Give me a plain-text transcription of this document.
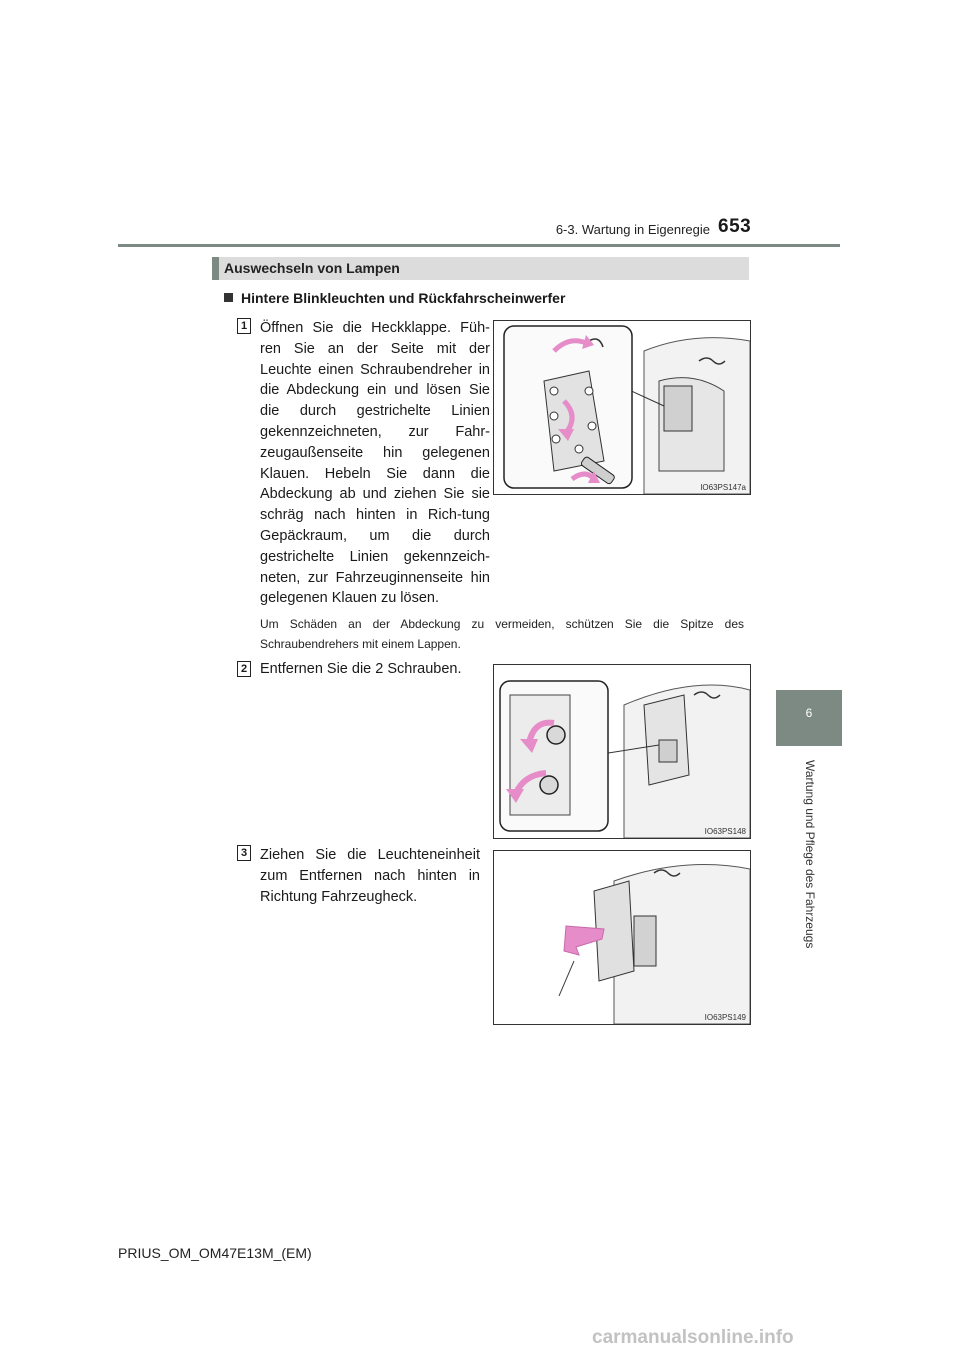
6-3. Wartung in Eigenregie 653
6
Wartung und Pflege des Fahrzeugs
Auswechseln von Lampen
Hintere Blinkleuchten und Rückfahrscheinwerfer
1 Öffnen Sie die Heckklappe. Füh-ren Sie an der Seite mit der Leuchte einen Schraubendreher in die Abdeckung ein und lösen Sie die durch gestrichelte Linien gekennzeichneten, zur Fahr-zeugaußenseite hin gelegenen Klauen. Hebeln Sie dann die Abdeckung ab und ziehen Sie sie schräg nach hinten in Rich-tung Gepäckraum, um die durch gestrichelte Linien gekennzeich-neten, zur Fahrzeuginnenseite hin gelegenen Klauen zu lösen.
Um Schäden an der Abdeckung zu vermeiden, schützen Sie die Spitze des Schraubendrehers mit einem Lappen.
IO63PS147a
2 Entfernen Sie die 2 Schrauben.
IO63PS148
3 Ziehen Sie die Leuchteneinheit zum Entfernen nach hinten in Richtung Fahrzeugheck.
IO63PS149
PRIUS_OM_OM47E13M_(EM)
carmanualsonline.info
